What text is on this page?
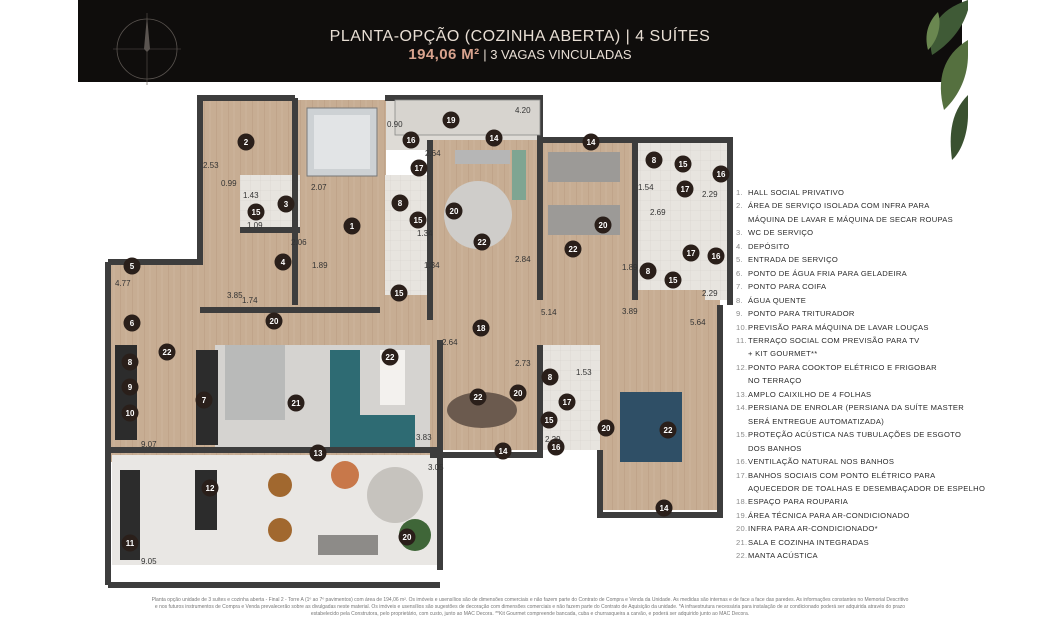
PLANTA-OPÇÃO (COZINHA ABERTA) | 4 SUÍTES
194,06 M² | 3 VAGAS VINCULADAS
1
2
3
4
5
6
7
8
9
10
11
12
13
14	14
14
14
15
15
15
15
15
15
16
16
16
16
17
17
17
17
8
8
8
8
18
19
20
20
20
20
20
20
21
22
22
22
22
22
22
4.20
0.90
2.64
1.54
2.29
2.69
1.89
2.29
2.53
0.99
1.43
1.09
2.07
2.06
1.74
1.34
1.34
3.89
2.84
5.64
5.14
2.64
2.73
1.53
2.29
3.05
3.83
4.77
3.85
1.89
9.07
9.05
1. HALL SOCIAL PRIVATIVO
2. ÁREA DE SERVIÇO ISOLADA COM INFRA PARA
MÁQUINA DE LAVAR E MÁQUINA DE SECAR ROUPAS
3. WC DE SERVIÇO
4. DEPÓSITO
5. ENTRADA DE SERVIÇO
6. PONTO DE ÁGUA FRIA PARA GELADEIRA
7. PONTO PARA COIFA
8. ÁGUA QUENTE
9. PONTO PARA TRITURADOR
10.PREVISÃO PARA MÁQUINA DE LAVAR LOUÇAS
11.TERRAÇO SOCIAL COM PREVISÃO PARA TV
+ KIT GOURMET**
12.PONTO PARA COOKTOP ELÉTRICO E FRIGOBAR
NO TERRAÇO
13.AMPLO CAIXILHO DE 4 FOLHAS
14.PERSIANA DE ENROLAR (PERSIANA DA SUÍTE MASTER
SERÁ ENTREGUE AUTOMATIZADA)
15.PROTEÇÃO ACÚSTICA NAS TUBULAÇÕES DE ESGOTO
DOS BANHOS
16.VENTILAÇÃO NATURAL NOS BANHOS
17.BANHOS SOCIAIS COM PONTO ELÉTRICO PARA
AQUECEDOR DE TOALHAS E DESEMBAÇADOR DE ESPELHO
18.ESPAÇO PARA ROUPARIA
19.ÁREA TÉCNICA PARA AR-CONDICIONADO
20.INFRA PARA AR-CONDICIONADO*
21.SALA E COZINHA INTEGRADAS
22.MANTA ACÚSTICA
Planta opção unidade de 3 suítes e cozinha aberta - Final 2 - Torre A (1º ao 7º pavimentos) com área de 194,06 m². Os imóveis e usensílios são de dimensões comerciais e não fazem parte do Contrato de Compra e Venda da Unidade. As medidas são internas e de face a face das paredes. As informações constantes no Memorial Descritivo e nos futuros instrumentos de Compra e Venda prevalecerão sobre as divulgadas neste material. Os imóveis e usensílios são sugestões de decoração com dimensões comerciais e não fazem parte do Contrato de Aquisição da unidade. *A infraestrutura necessária para instalação de ar condicionado poderá ser adquirida através do prazo estabelecido pela Construtora, pelo proprietário, com custo, junto ao MAC Decora. **Kit Gourmet compreende bancada, cuba e churrasqueira a carvão, e poderá ser adquirido junto ao MAC Decora.
